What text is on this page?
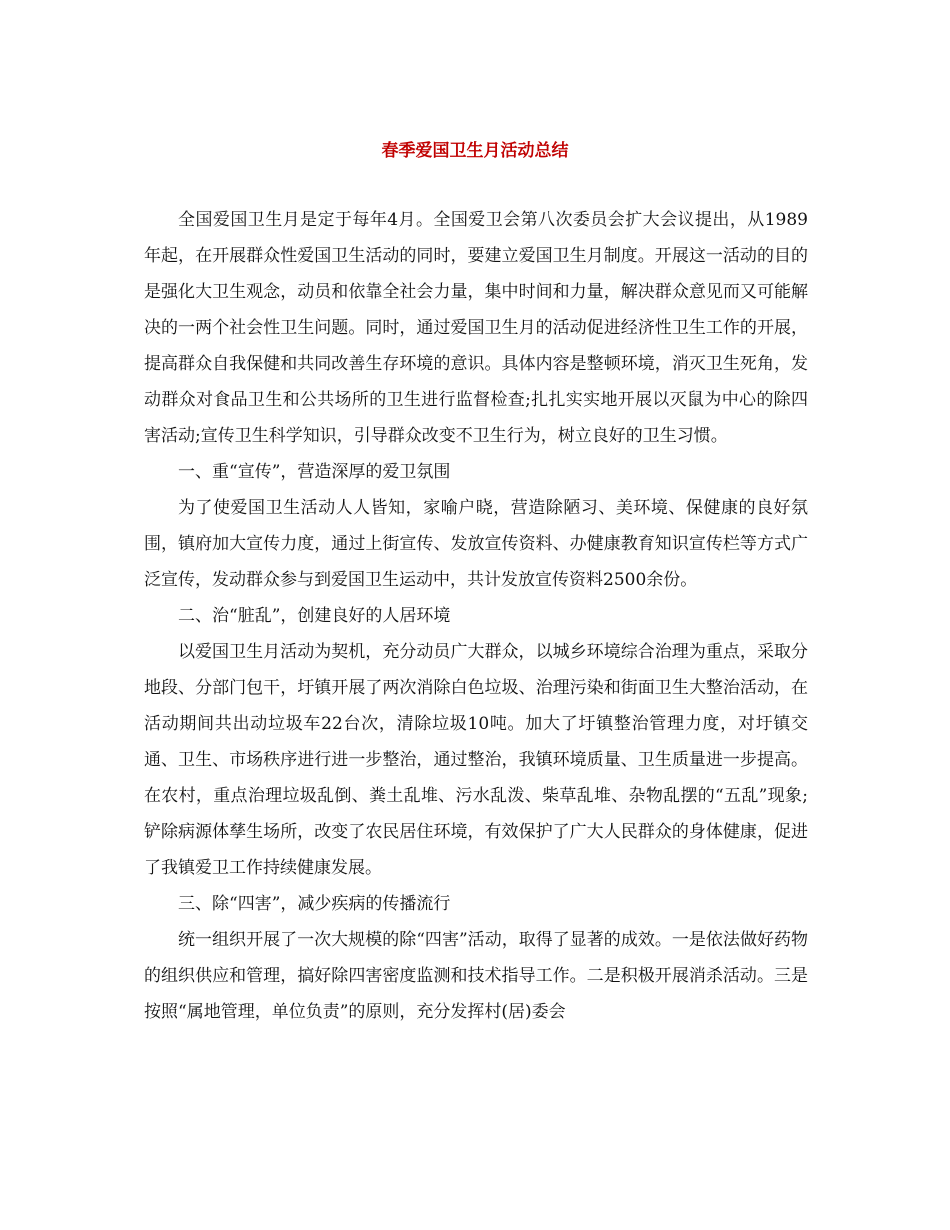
春季爱国卫生月活动总结

全国爱国卫生月是定于每年4月。全国爱卫会第八次委员会扩大会议提出，从1989年起，在开展群众性爱国卫生活动的同时，要建立爱国卫生月制度。开展这一活动的目的是强化大卫生观念，动员和依靠全社会力量，集中时间和力量，解决群众意见而又可能解决的一两个社会性卫生问题。同时，通过爱国卫生月的活动促进经济性卫生工作的开展，提高群众自我保健和共同改善生存环境的意识。具体内容是整顿环境，消灭卫生死角，发动群众对食品卫生和公共场所的卫生进行监督检查;扎扎实实地开展以灭鼠为中心的除四害活动;宣传卫生科学知识，引导群众改变不卫生行为，树立良好的卫生习惯。

一、重“宣传”，营造深厚的爱卫氛围

为了使爱国卫生活动人人皆知，家喻户晓，营造除陋习、美环境、保健康的良好氛围，镇府加大宣传力度，通过上街宣传、发放宣传资料、办健康教育知识宣传栏等方式广泛宣传，发动群众参与到爱国卫生运动中，共计发放宣传资料2500余份。

二、治“脏乱”，创建良好的人居环境

以爱国卫生月活动为契机，充分动员广大群众，以城乡环境综合治理为重点，采取分地段、分部门包干，圩镇开展了两次消除白色垃圾、治理污染和街面卫生大整治活动，在活动期间共出动垃圾车22台次，清除垃圾10吨。加大了圩镇整治管理力度，对圩镇交通、卫生、市场秩序进行进一步整治，通过整治，我镇环境质量、卫生质量进一步提高。在农村，重点治理垃圾乱倒、粪土乱堆、污水乱泼、柴草乱堆、杂物乱摆的“五乱”现象;铲除病源体孳生场所，改变了农民居住环境，有效保护了广大人民群众的身体健康，促进了我镇爱卫工作持续健康发展。

三、除“四害”，减少疾病的传播流行

统一组织开展了一次大规模的除“四害”活动，取得了显著的成效。一是依法做好药物的组织供应和管理，搞好除四害密度监测和技术指导工作。二是积极开展消杀活动。三是按照“属地管理，单位负责”的原则，充分发挥村(居)委会
